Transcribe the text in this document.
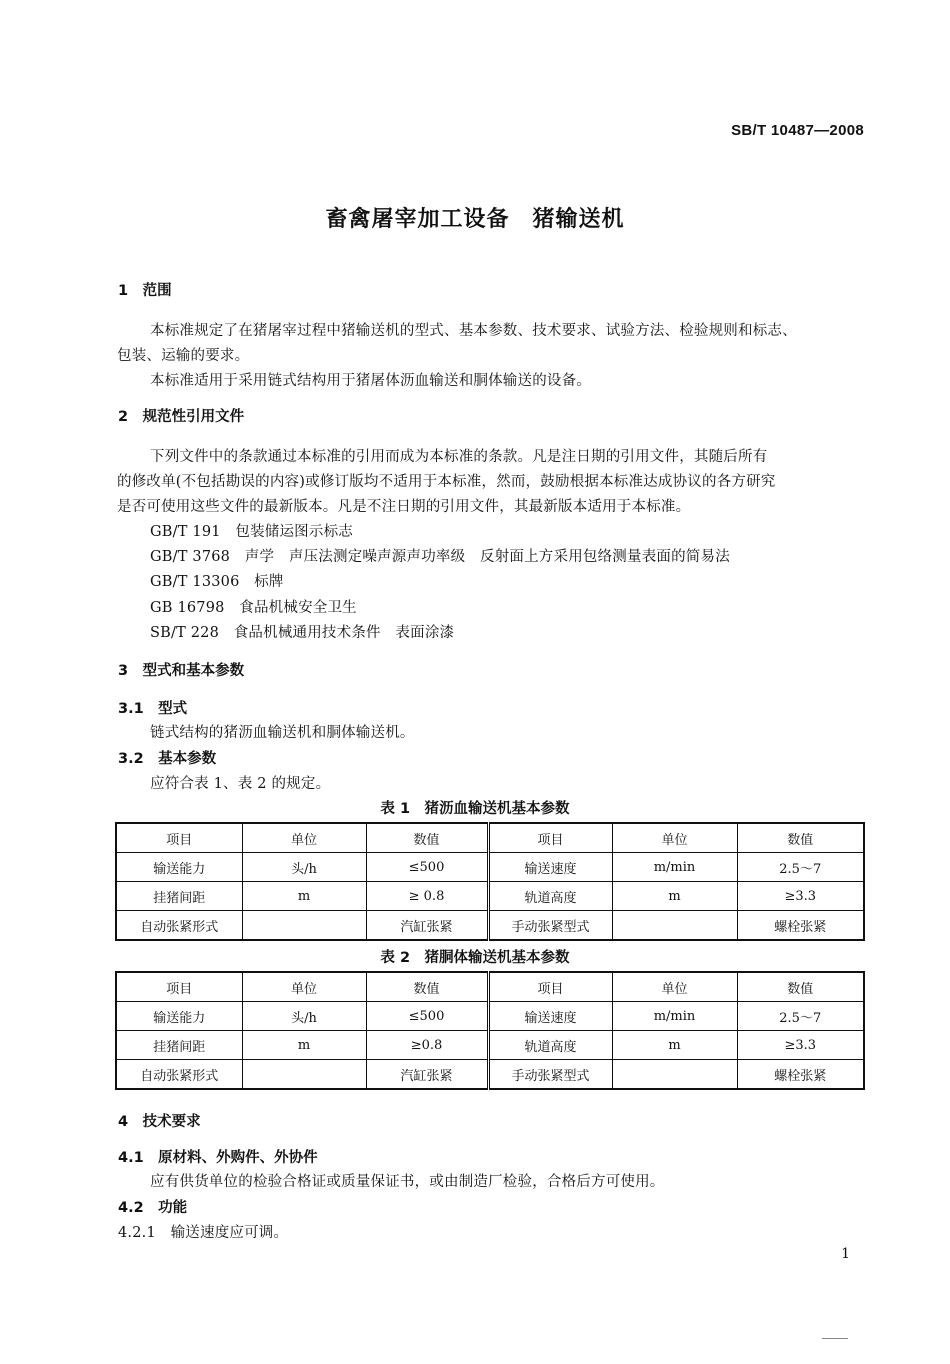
SB/T 10487—2008
畜禽屠宰加工设备　猪输送机
1　范围
本标准规定了在猪屠宰过程中猪输送机的型式、基本参数、技术要求、试验方法、检验规则和标志、
包装、运输的要求。
本标准适用于采用链式结构用于猪屠体沥血输送和胴体输送的设备。
2　规范性引用文件
下列文件中的条款通过本标准的引用而成为本标准的条款。凡是注日期的引用文件，其随后所有
的修改单(不包括勘误的内容)或修订版均不适用于本标准，然而，鼓励根据本标准达成协议的各方研究
是否可使用这些文件的最新版本。凡是不注日期的引用文件，其最新版本适用于本标准。
GB/T 191　包装储运图示标志
GB/T 3768　声学　声压法测定噪声源声功率级　反射面上方采用包络测量表面的简易法
GB/T 13306　标牌
GB 16798　食品机械安全卫生
SB/T 228　食品机械通用技术条件　表面涂漆
3　型式和基本参数
3.1　型式
链式结构的猪沥血输送机和胴体输送机。
3.2　基本参数
应符合表 1、表 2 的规定。
表 1　猪沥血输送机基本参数
项目	单位	数值	项目	单位	数值
输送能力	头/h	≤500	输送速度	m/min	2.5～7
挂猪间距	m	≥ 0.8	轨道高度	m	≥3.3
自动张紧形式		汽缸张紧	手动张紧型式		螺栓张紧
表 2　猪胴体输送机基本参数
项目	单位	数值	项目	单位	数值
输送能力	头/h	≤500	输送速度	m/min	2.5～7
挂猪间距	m	≥0.8	轨道高度	m	≥3.3
自动张紧形式		汽缸张紧	手动张紧型式		螺栓张紧
4　技术要求
4.1　原材料、外购件、外协件
应有供货单位的检验合格证或质量保证书，或由制造厂检验，合格后方可使用。
4.2　功能
4.2.1　输送速度应可调。
1
